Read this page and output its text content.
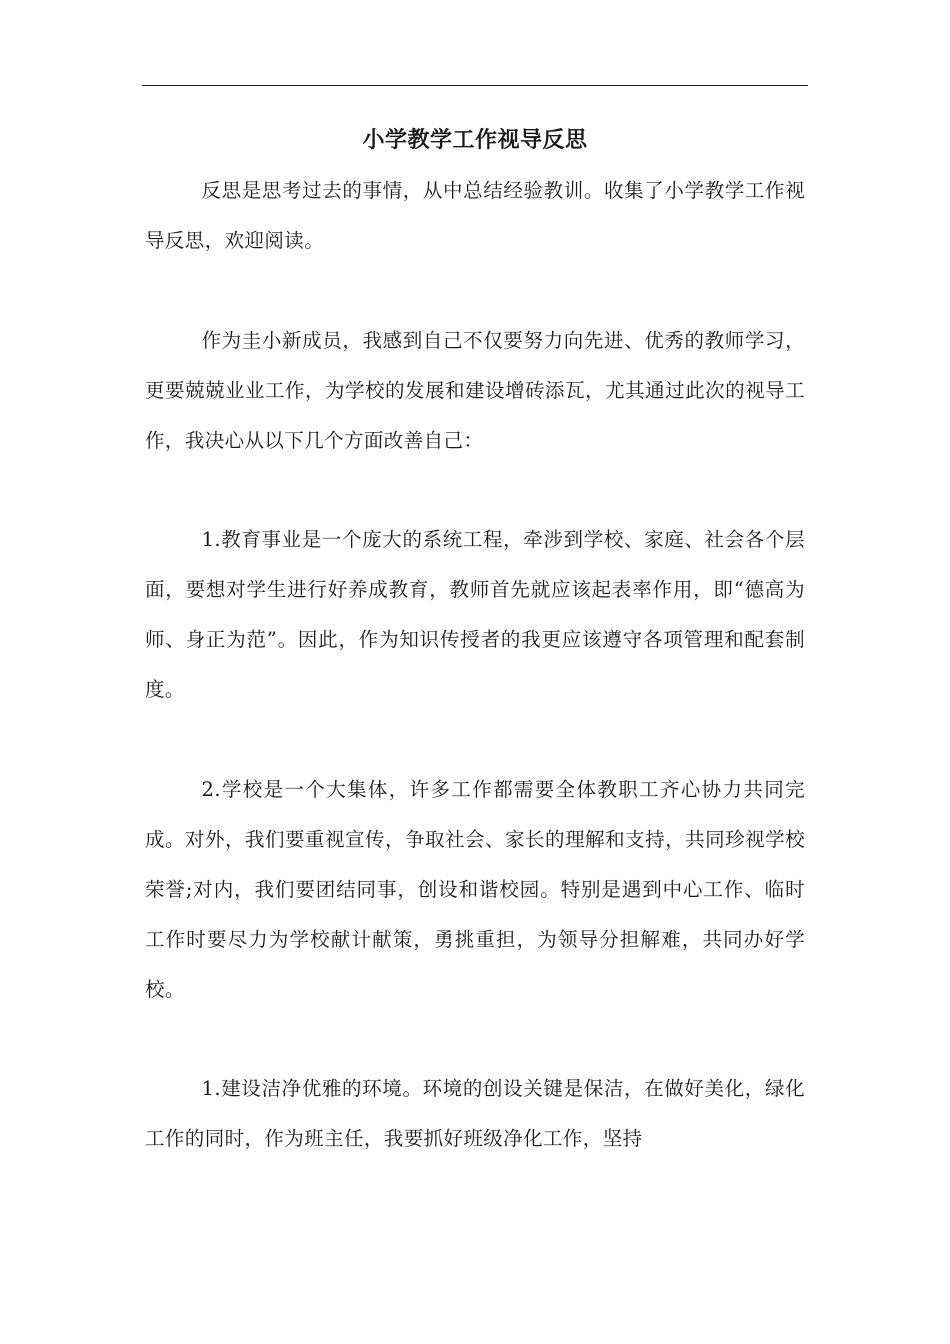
小学教学工作视导反思

反思是思考过去的事情，从中总结经验教训。收集了小学教学工作视导反思，欢迎阅读。

作为圭小新成员，我感到自己不仅要努力向先进、优秀的教师学习，更要兢兢业业工作，为学校的发展和建设增砖添瓦，尤其通过此次的视导工作，我决心从以下几个方面改善自己：

1.教育事业是一个庞大的系统工程，牵涉到学校、家庭、社会各个层面，要想对学生进行好养成教育，教师首先就应该起表率作用，即“德高为师、身正为范”。因此，作为知识传授者的我更应该遵守各项管理和配套制度。

2.学校是一个大集体，许多工作都需要全体教职工齐心协力共同完成。对外，我们要重视宣传，争取社会、家长的理解和支持，共同珍视学校荣誉;对内，我们要团结同事，创设和谐校园。特别是遇到中心工作、临时工作时要尽力为学校献计献策，勇挑重担，为领导分担解难，共同办好学校。

1.建设洁净优雅的环境。环境的创设关键是保洁，在做好美化，绿化工作的同时，作为班主任，我要抓好班级净化工作，坚持
